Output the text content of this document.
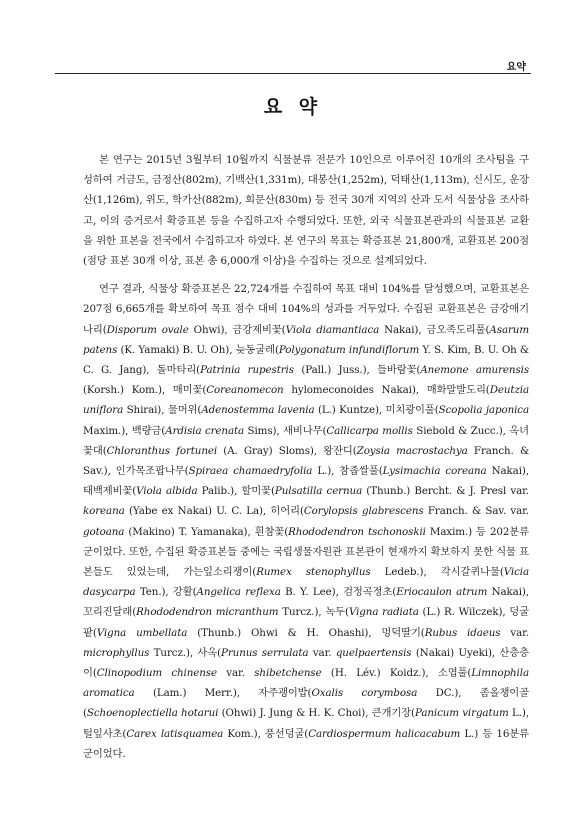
요약
요 약

본 연구는 2015년 3월부터 10월까지 식물분류 전문가 10인으로 이루어진 10개의 조사팀을 구성하여 거금도, 금정산(802m), 기백산(1,331m), 대봉산(1,252m), 덕태산(1,113m), 신시도, 운장산(1,126m), 위도, 학가산(882m), 회문산(830m) 등 전국 30개 지역의 산과 도서 식물상을 조사하고, 이의 증거로서 확증표본 등을 수집하고자 수행되었다. 또한, 외국 식물표본관과의 식물표본 교환을 위한 표본을 전국에서 수집하고자 하였다. 본 연구의 목표는 확증표본 21,800개, 교환표본 200점(점당 표본 30개 이상, 표본 총 6,000개 이상)을 수집하는 것으로 설계되었다.

연구 결과, 식물상 확증표본은 22,724개를 수집하여 목표 대비 104%를 달성했으며, 교환표본은 207점 6,665개를 확보하여 목표 점수 대비 104%의 성과를 거두었다. 수집된 교환표본은 금강애기나리(Disporum ovale Ohwi), 금강제비꽃(Viola diamantiaca Nakai), 금오족도리풀(Asarum patens (K. Yamaki) B. U. Oh), 늦동굴레(Polygonatum infundiflorum Y. S. Kim, B. U. Oh & C. G. Jang), 돌마타리(Patrinia rupestris (Pall.) Juss.), 들바람꽃(Anemone amurensis (Korsh.) Kom.), 매미꽃(Coreanomecon hylomeconoides Nakai), 매화말발도리(Deutzia uniflora Shirai), 물머위(Adenostemma lavenia (L.) Kuntze), 미치광이풀(Scopolia japonica Maxim.), 백량금(Ardisia crenata Sims), 새비나무(Callicarpa mollis Siebold & Zucc.), 옥녀꽃대(Chloranthus fortunei (A. Gray) Sloms), 왕잔디(Zoysia macrostachya Franch. & Sav.), 인가목조팝나무(Spiraea chamaedryfolia L.), 참좁쌀풀(Lysimachia coreana Nakai), 태백제비꽃(Viola albida Palib.), 할미꽃(Pulsatilla cernua (Thunb.) Bercht. & J. Presl var. koreana (Yabe ex Nakai) U. C. La), 히어리(Corylopsis glabrescens Franch. & Sav. var. gotoana (Makino) T. Yamanaka), 흰참꽃(Rhododendron tschonoskii Maxim.) 등 202분류군이었다. 또한, 수집된 확증표본들 중에는 국립생물자원관 표본관이 현재까지 확보하지 못한 식물 표본들도 있었는데, 가는잎소리쟁이(Rumex stenophyllus Ledeb.), 각시갈퀴나물(Vicia dasycarpa Ten.), 강활(Angelica reflexa B. Y. Lee), 검정곡정초(Eriocaulon atrum Nakai), 꼬리진달래(Rhododendron micranthum Turcz.), 녹두(Vigna radiata (L.) R. Wilczek), 덩굴팥(Vigna umbellata (Thunb.) Ohwi & H. Ohashi), 멍덕딸기(Rubus idaeus var. microphyllus Turcz.), 사옥(Prunus serrulata var. quelpaertensis (Nakai) Uyeki), 산층층이(Clinopodium chinense var. shibetchense (H. Lév.) Koidz.), 소엽풀(Limnophila aromatica (Lam.) Merr.), 자주괭이밥(Oxalis corymbosa DC.), 좀올챙이골(Schoenoplectiella hotarui (Ohwi) J. Jung & H. K. Choi), 큰개기장(Panicum virgatum L.), 털잎사초(Carex latisquamea Kom.), 풍선덩굴(Cardiospermum halicacabum L.) 등 16분류군이었다.
